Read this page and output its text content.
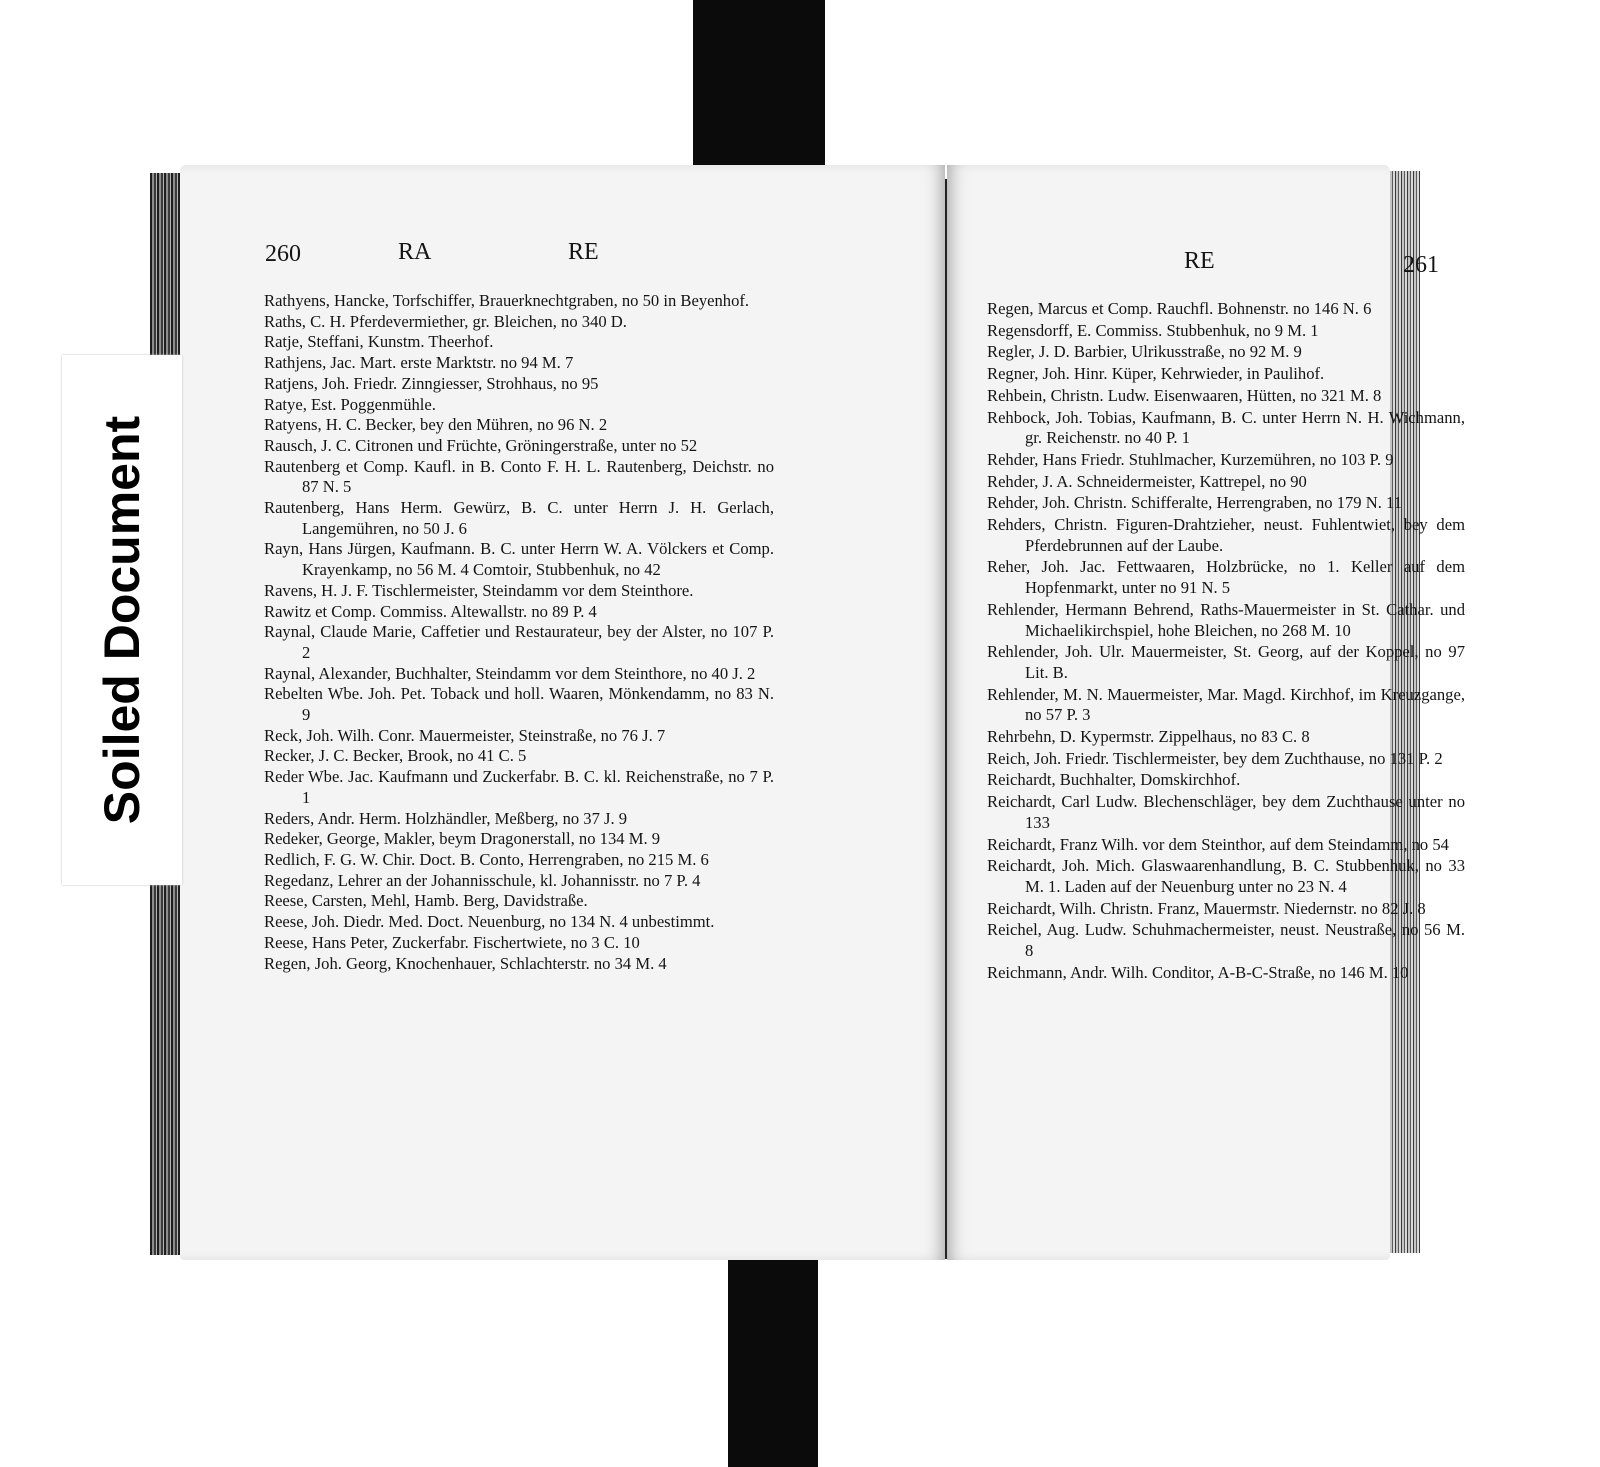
260	RA	RE

Rathyens, Hancke, Torfschiffer, Brauerknechtgraben, no 50 in Beyenhof.

Raths, C. H. Pferdevermiether, gr. Bleichen, no 340 D.

Ratje, Steffani, Kunstm. Theerhof.

Rathjens, Jac. Mart. erste Marktstr. no 94 M. 7

Ratjens, Joh. Friedr. Zinngiesser, Strohhaus, no 95

Ratye, Est. Poggenmühle.

Ratyens, H. C. Becker, bey den Mühren, no 96 N. 2

Rausch, J. C. Citronen und Früchte, Gröningerstraße, unter no 52

Rautenberg et Comp. Kaufl. in B. Conto F. H. L. Rautenberg, Deichstr. no 87 N. 5

Rautenberg, Hans Herm. Gewürz, B. C. unter Herrn J. H. Gerlach, Langemühren, no 50 J. 6

Rayn, Hans Jürgen, Kaufmann. B. C. unter Herrn W. A. Völckers et Comp. Krayenkamp, no 56 M. 4 Comtoir, Stubbenhuk, no 42

Ravens, H. J. F. Tischlermeister, Steindamm vor dem Steinthore.

Rawitz et Comp. Commiss. Altewallstr. no 89 P. 4

Raynal, Claude Marie, Caffetier und Restaurateur, bey der Alster, no 107 P. 2

Raynal, Alexander, Buchhalter, Steindamm vor dem Steinthore, no 40 J. 2

Rebelten Wbe. Joh. Pet. Toback und holl. Waaren, Mönkendamm, no 83 N. 9

Reck, Joh. Wilh. Conr. Mauermeister, Steinstraße, no 76 J. 7

Recker, J. C. Becker, Brook, no 41 C. 5

Reder Wbe. Jac. Kaufmann und Zuckerfabr. B. C. kl. Reichenstraße, no 7 P. 1

Reders, Andr. Herm. Holzhändler, Meßberg, no 37 J. 9

Redeker, George, Makler, beym Dragonerstall, no 134 M. 9

Redlich, F. G. W. Chir. Doct. B. Conto, Herrengraben, no 215 M. 6

Regedanz, Lehrer an der Johannisschule, kl. Johannisstr. no 7 P. 4

Reese, Carsten, Mehl, Hamb. Berg, Davidstraße.

Reese, Joh. Diedr. Med. Doct. Neuenburg, no 134 N. 4 unbestimmt.

Reese, Hans Peter, Zuckerfabr. Fischertwiete, no 3 C. 10

Regen, Joh. Georg, Knochenhauer, Schlachterstr. no 34 M. 4

RE	261

Regen, Marcus et Comp. Rauchfl. Bohnenstr. no 146 N. 6

Regensdorff, E. Commiss. Stubbenhuk, no 9 M. 1

Regler, J. D. Barbier, Ulrikusstraße, no 92 M. 9

Regner, Joh. Hinr. Küper, Kehrwieder, in Paulihof.

Rehbein, Christn. Ludw. Eisenwaaren, Hütten, no 321 M. 8

Rehbock, Joh. Tobias, Kaufmann, B. C. unter Herrn N. H. Wichmann, gr. Reichenstr. no 40 P. 1

Rehder, Hans Friedr. Stuhlmacher, Kurzemühren, no 103 P. 9

Rehder, J. A. Schneidermeister, Kattrepel, no 90

Rehder, Joh. Christn. Schifferalte, Herrengraben, no 179 N. 11

Rehders, Christn. Figuren-Drahtzieher, neust. Fuhlentwiet, bey dem Pferdebrunnen auf der Laube.

Reher, Joh. Jac. Fettwaaren, Holzbrücke, no 1. Keller auf dem Hopfenmarkt, unter no 91 N. 5

Rehlender, Hermann Behrend, Raths-Mauermeister in St. Cathar. und Michaelikirchspiel, hohe Bleichen, no 268 M. 10

Rehlender, Joh. Ulr. Mauermeister, St. Georg, auf der Koppel, no 97 Lit. B.

Rehlender, M. N. Mauermeister, Mar. Magd. Kirchhof, im Kreuzgange, no 57 P. 3

Rehrbehn, D. Kypermstr. Zippelhaus, no 83 C. 8

Reich, Joh. Friedr. Tischlermeister, bey dem Zuchthause, no 131 P. 2

Reichardt, Buchhalter, Domskirchhof.

Reichardt, Carl Ludw. Blechenschläger, bey dem Zuchthause unter no 133

Reichardt, Franz Wilh. vor dem Steinthor, auf dem Steindamm, no 54

Reichardt, Joh. Mich. Glaswaarenhandlung, B. C. Stubbenhuk, no 33 M. 1. Laden auf der Neuenburg unter no 23 N. 4

Reichardt, Wilh. Christn. Franz, Mauermstr. Niedernstr. no 82 J. 8

Reichel, Aug. Ludw. Schuhmachermeister, neust. Neustraße, no 56 M. 8

Reichmann, Andr. Wilh. Conditor, A-B-C-Straße, no 146 M. 10

Soiled Document
